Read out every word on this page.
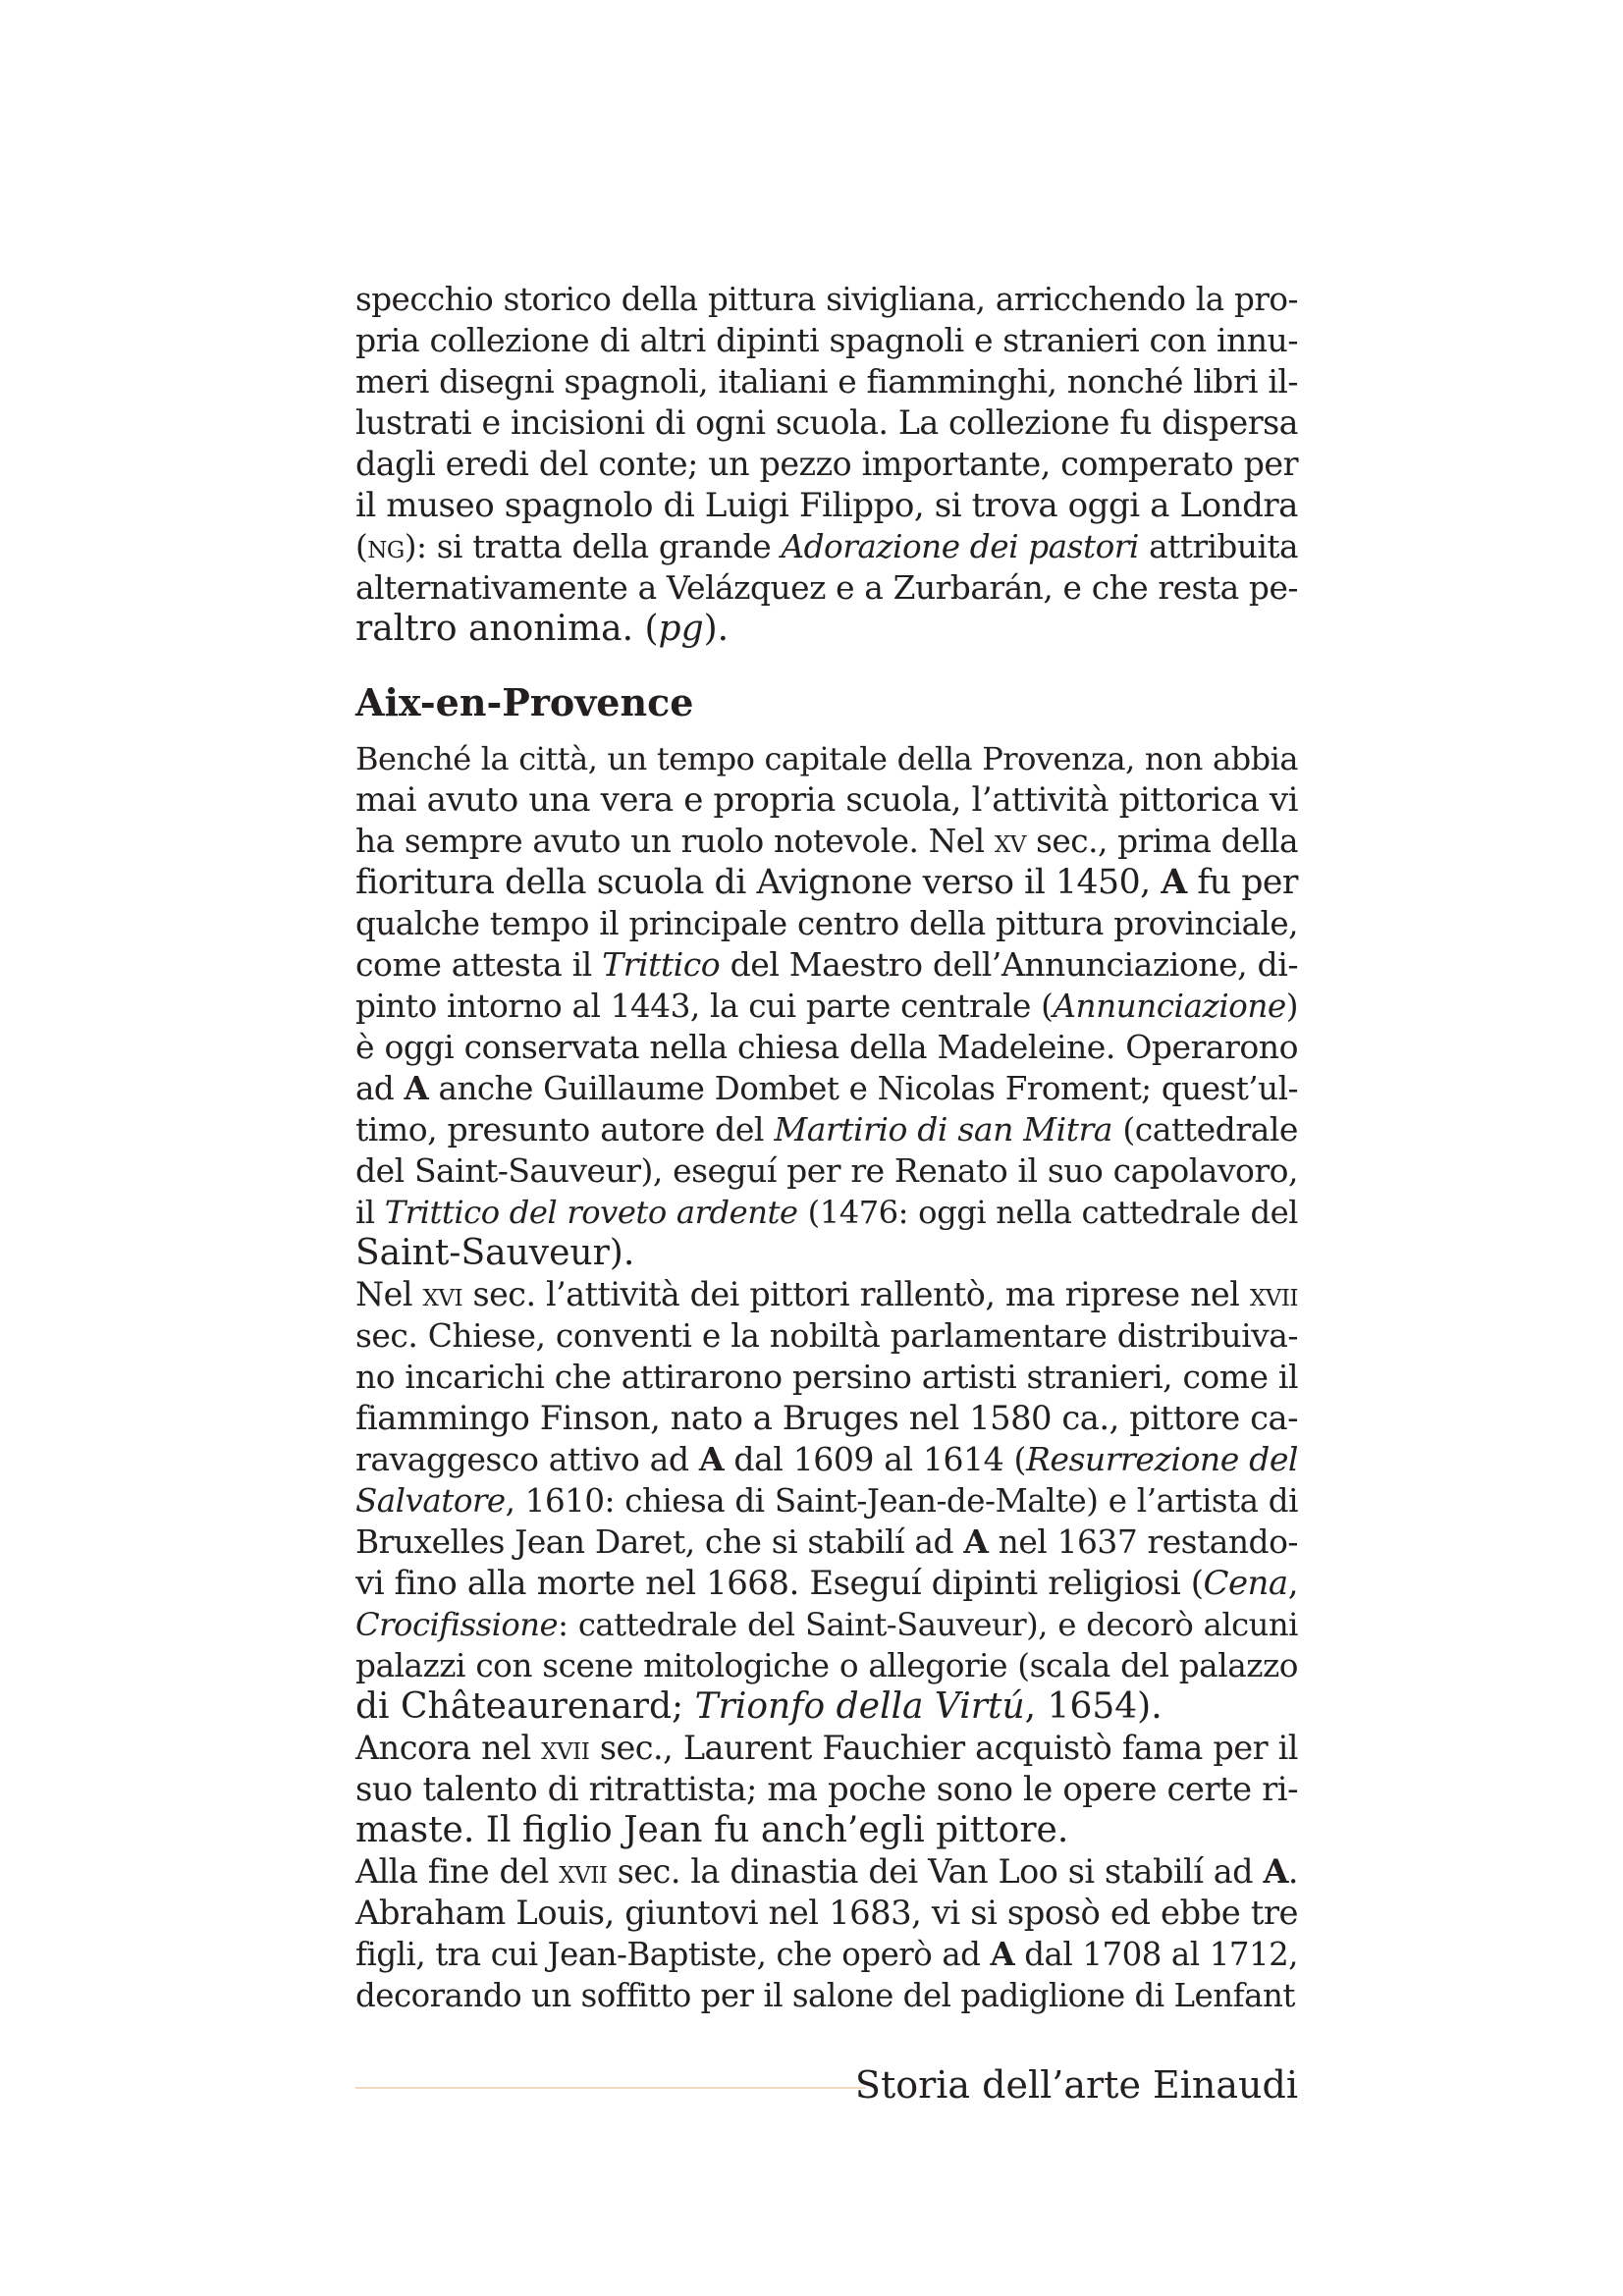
specchio storico della pittura sivigliana, arricchendo la pro-
pria collezione di altri dipinti spagnoli e stranieri con innu-
meri disegni spagnoli, italiani e fiamminghi, nonché libri il-
lustrati e incisioni di ogni scuola. La collezione fu dispersa
dagli eredi del conte; un pezzo importante, comperato per
il museo spagnolo di Luigi Filippo, si trova oggi a Londra
(ng): si tratta della grande Adorazione dei pastori attribuita
alternativamente a Velázquez e a Zurbarán, e che resta pe-
raltro anonima. (pg).
Aix-en-Provence
Benché la città, un tempo capitale della Provenza, non abbia
mai avuto una vera e propria scuola, l’attività pittorica vi
ha sempre avuto un ruolo notevole. Nel xv sec., prima della
fioritura della scuola di Avignone verso il 1450, A fu per
qualche tempo il principale centro della pittura provinciale,
come attesta il Trittico del Maestro dell’Annunciazione, di-
pinto intorno al 1443, la cui parte centrale (Annunciazione)
è oggi conservata nella chiesa della Madeleine. Operarono
ad A anche Guillaume Dombet e Nicolas Froment; quest’ul-
timo, presunto autore del Martirio di san Mitra (cattedrale
del Saint-Sauveur), eseguí per re Renato il suo capolavoro,
il Trittico del roveto ardente (1476: oggi nella cattedrale del
Saint-Sauveur).
Nel xvi sec. l’attività dei pittori rallentò, ma riprese nel xvii
sec. Chiese, conventi e la nobiltà parlamentare distribuiva-
no incarichi che attirarono persino artisti stranieri, come il
fiammingo Finson, nato a Bruges nel 1580 ca., pittore ca-
ravaggesco attivo ad A dal 1609 al 1614 (Resurrezione del
Salvatore, 1610: chiesa di Saint-Jean-de-Malte) e l’artista di
Bruxelles Jean Daret, che si stabilí ad A nel 1637 restando-
vi fino alla morte nel 1668. Eseguí dipinti religiosi (Cena,
Crocifissione: cattedrale del Saint-Sauveur), e decorò alcuni
palazzi con scene mitologiche o allegorie (scala del palazzo
di Châteaurenard; Trionfo della Virtú, 1654).
Ancora nel xvii sec., Laurent Fauchier acquistò fama per il
suo talento di ritrattista; ma poche sono le opere certe ri-
maste. Il figlio Jean fu anch’egli pittore.
Alla fine del xvii sec. la dinastia dei Van Loo si stabilí ad A.
Abraham Louis, giuntovi nel 1683, vi si sposò ed ebbe tre
figli, tra cui Jean-Baptiste, che operò ad A dal 1708 al 1712,
decorando un soffitto per il salone del padiglione di Lenfant
Storia dell’arte Einaudi
